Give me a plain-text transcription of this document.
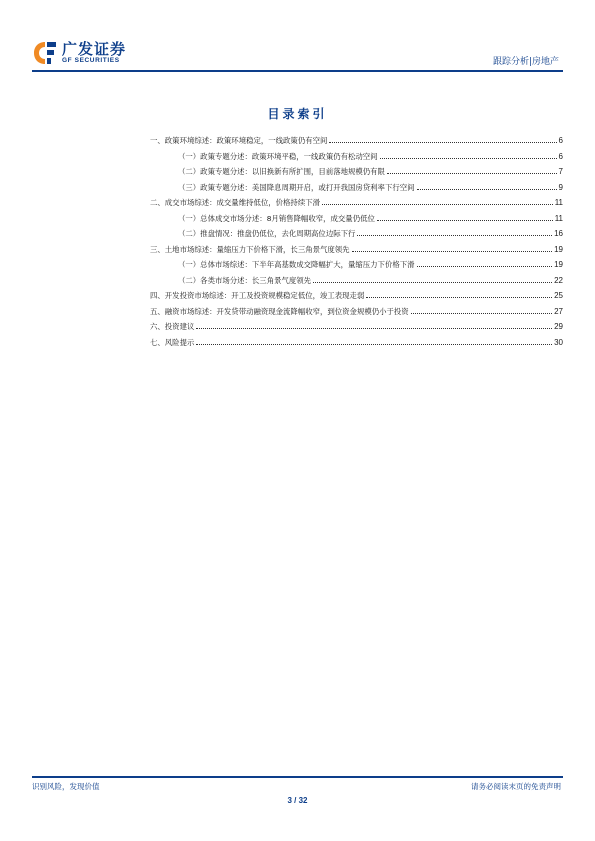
广发证券
GF SECURITIES	跟踪分析|房地产
目录索引
一、政策环境综述：政策环境稳定，一线政策仍有空间	6
（一）政策专题分述：政策环境平稳，一线政策仍有松动空间	6
（二）政策专题分述：以旧换新有所扩围，目前落地规模仍有限	7
（三）政策专题分述：美国降息周期开启，或打开我国房贷利率下行空间	9
二、成交市场综述：成交量维持低位，价格持续下滑	11
（一）总体成交市场分述：8月销售降幅收窄，成交量仍低位	11
（二）推盘情况：推盘仍低位，去化周期高位边际下行	16
三、土地市场综述：量缩压力下价格下滑，长三角景气度领先	19
（一）总体市场综述：下半年高基数成交降幅扩大，量缩压力下价格下滑	19
（二）各类市场分述：长三角景气度领先	22
四、开发投资市场综述：开工及投资规模稳定低位，竣工表现走弱	25
五、融资市场综述：开发贷带动融资现金流降幅收窄，到位资金规模仍小于投资	27
六、投资建议	29
七、风险提示	30
识别风险，发现价值	请务必阅读末页的免责声明
3 / 32
